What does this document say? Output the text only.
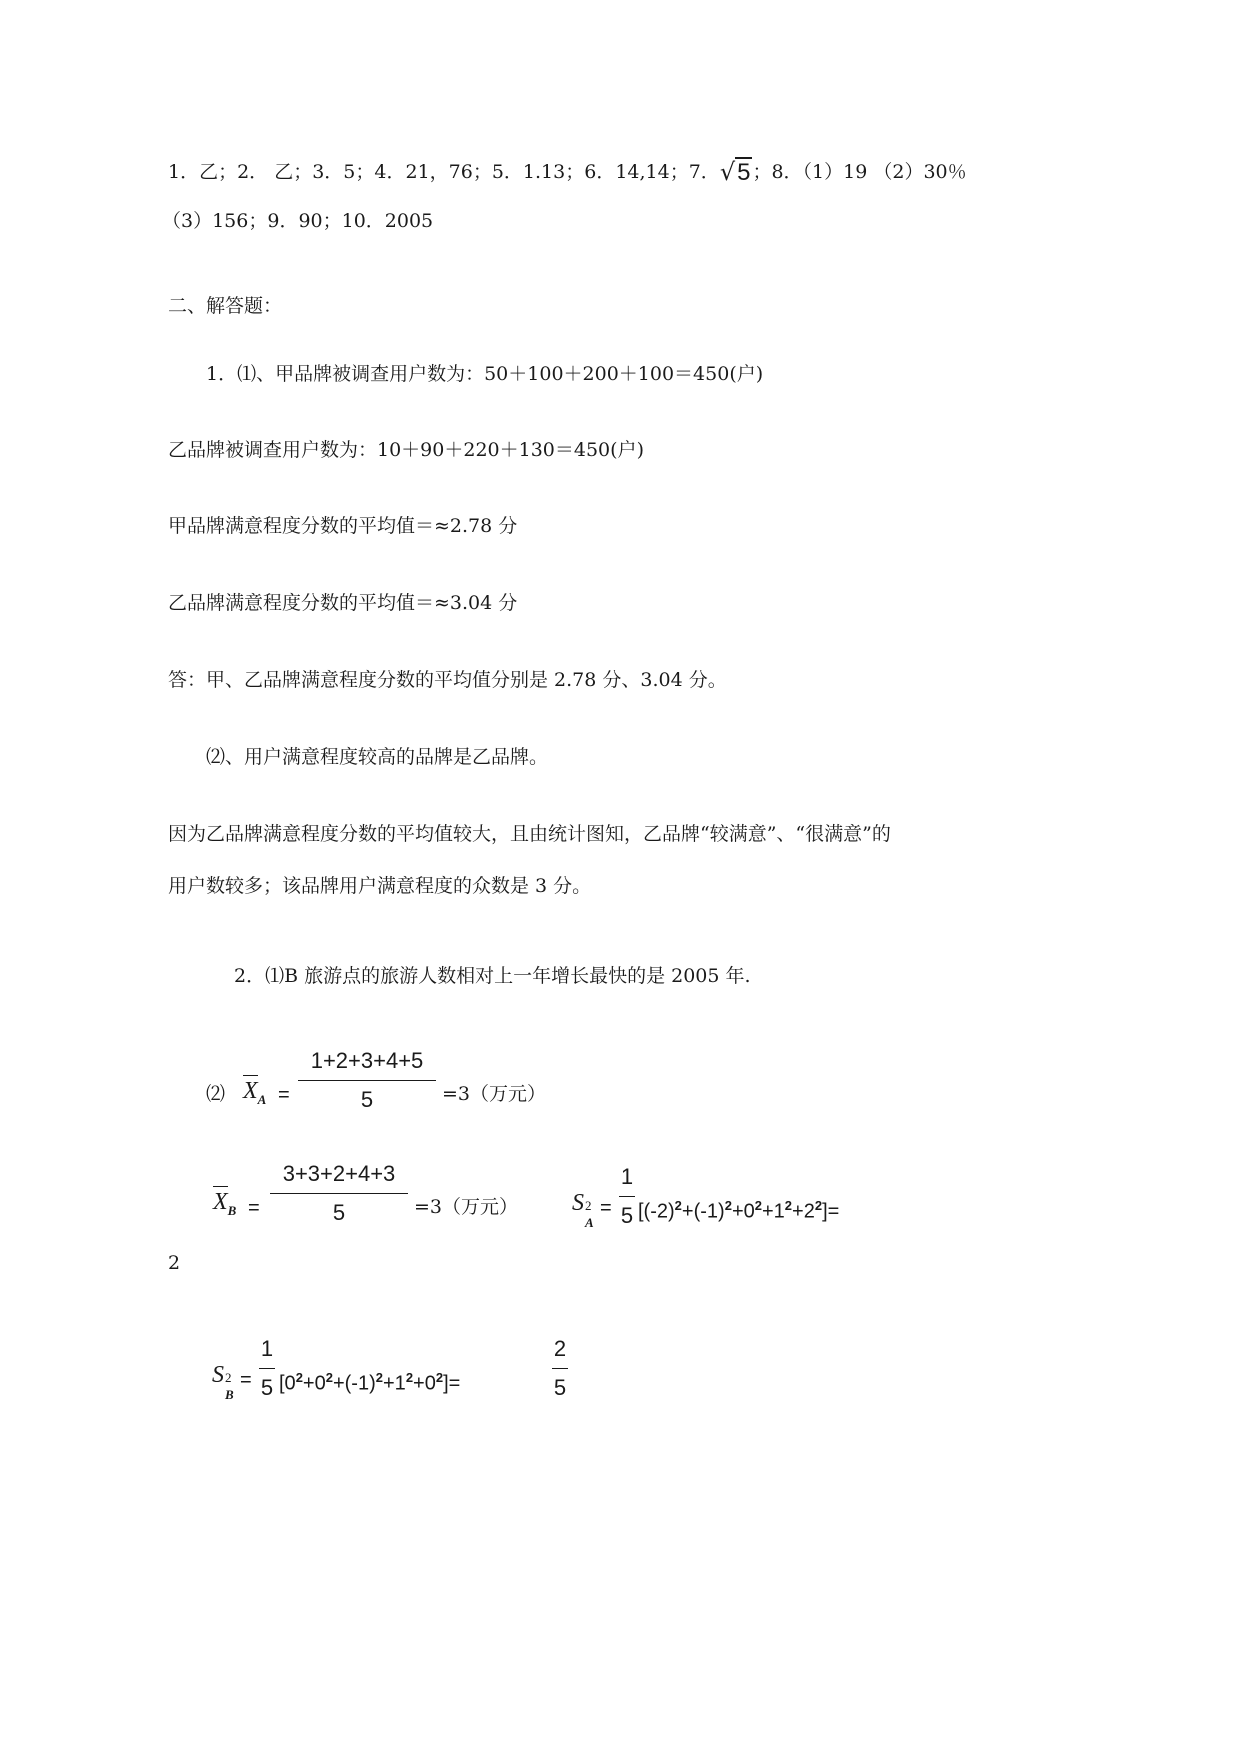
1．乙；2． 乙；3．5；4．21，76；5．1.13；6．14,14；7．√5 ；8．（1）19 （2）30％
（3）156；9．90；10．2005
二、解答题：
1．⑴、甲品牌被调查用户数为：50＋100＋200＋100＝450(户)
乙品牌被调查用户数为：10＋90＋220＋130＝450(户)
甲品牌满意程度分数的平均值＝≈2.78 分
乙品牌满意程度分数的平均值＝≈3.04 分
答：甲、乙品牌满意程度分数的平均值分别是 2.78 分、3.04 分。
⑵、用户满意程度较高的品牌是乙品牌。
因为乙品牌满意程度分数的平均值较大，且由统计图知，乙品牌“较满意”、“很满意”的
用户数较多；该品牌用户满意程度的众数是 3 分。
2．⑴B 旅游点的旅游人数相对上一年增长最快的是 2005 年.
⑵ $X_A$ =
1+2+3+4+5
5	=3（万元）
$X_B$ =
3+3+2+4+3
5	=3（万元） S 2
A
=
1
5 $[(-2)^2+(-1)^2+0^2+1^2+2^2]=$
2
S 2
B
=
1
5 $[0^2+0^2+(-1)^2+1^2+0^2]=$
2
5
